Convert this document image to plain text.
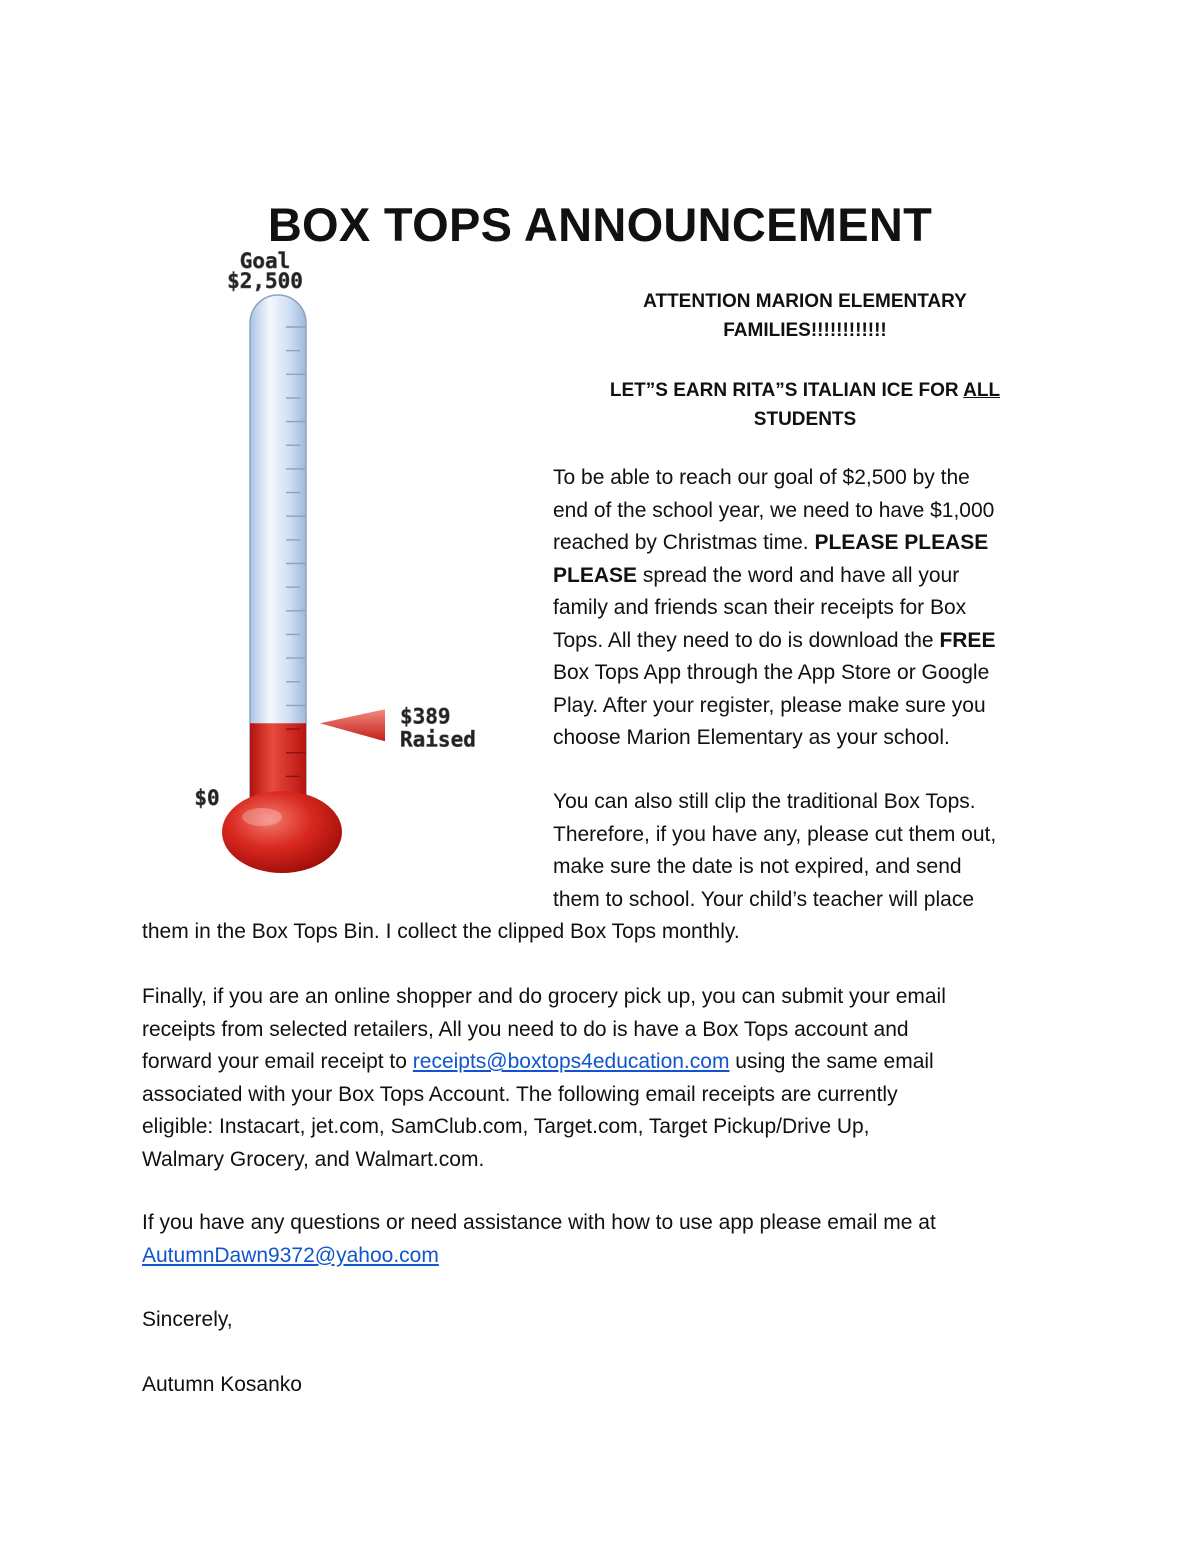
BOX TOPS ANNOUNCEMENT
Goal
$2,500
$389
Raised
$0
ATTENTION MARION ELEMENTARY
FAMILIES!!!!!!!!!!!!
LET”S EARN RITA”S ITALIAN ICE FOR ALL
STUDENTS
To be able to reach our goal of $2,500 by the
end of the school year, we need to have $1,000
reached by Christmas time. PLEASE PLEASE
PLEASE spread the word and have all your
family and friends scan their receipts for Box
Tops. All they need to do is download the FREE
Box Tops App through the App Store or Google
Play. After your register, please make sure you
choose Marion Elementary as your school.
You can also still clip the traditional Box Tops.
Therefore, if you have any, please cut them out,
make sure the date is not expired, and send
them to school. Your child’s teacher will place
them in the Box Tops Bin. I collect the clipped Box Tops monthly.
Finally, if you are an online shopper and do grocery pick up, you can submit your email
receipts from selected retailers, All you need to do is have a Box Tops account and
forward your email receipt to receipts@boxtops4education.com using the same email
associated with your Box Tops Account. The following email receipts are currently
eligible: Instacart, jet.com, SamClub.com, Target.com, Target Pickup/Drive Up,
Walmary Grocery, and Walmart.com.
If you have any questions or need assistance with how to use app please email me at
AutumnDawn9372@yahoo.com
Sincerely,
Autumn Kosanko
